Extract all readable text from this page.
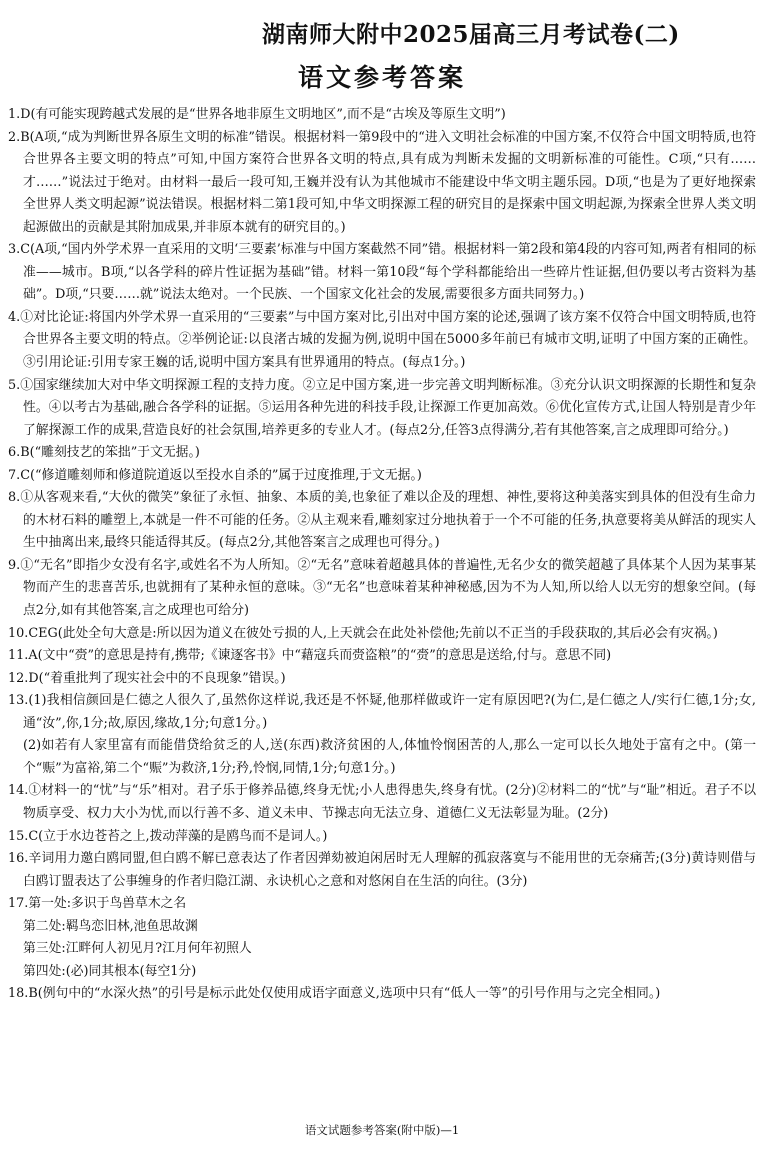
湖南师大附中2025届高三月考试卷(二)
语文参考答案

1.D(有可能实现跨越式发展的是“世界各地非原生文明地区”,而不是“古埃及等原生文明”)

2.B(A项,“成为判断世界各原生文明的标准”错误。根据材料一第9段中的“进入文明社会标准的中国方案,不仅符合中国文明特质,也符合世界各主要文明的特点”可知,中国方案符合世界各文明的特点,具有成为判断未发掘的文明新标准的可能性。C项,“只有……才……”说法过于绝对。由材料一最后一段可知,王巍并没有认为其他城市不能建设中华文明主题乐园。D项,“也是为了更好地探索全世界人类文明起源”说法错误。根据材料二第1段可知,中华文明探源工程的研究目的是探索中国文明起源,为探索全世界人类文明起源做出的贡献是其附加成果,并非原本就有的研究目的。)

3.C(A项,“国内外学术界一直采用的文明‘三要素’标准与中国方案截然不同”错。根据材料一第2段和第4段的内容可知,两者有相同的标准——城市。B项,“以各学科的碎片性证据为基础”错。材料一第10段“每个学科都能给出一些碎片性证据,但仍要以考古资料为基础”。D项,“只要……就”说法太绝对。一个民族、一个国家文化社会的发展,需要很多方面共同努力。)

4.①对比论证:将国内外学术界一直采用的“三要素”与中国方案对比,引出对中国方案的论述,强调了该方案不仅符合中国文明特质,也符合世界各主要文明的特点。②举例论证:以良渚古城的发掘为例,说明中国在5000多年前已有城市文明,证明了中国方案的正确性。③引用论证:引用专家王巍的话,说明中国方案具有世界通用的特点。(每点1分。)

5.①国家继续加大对中华文明探源工程的支持力度。②立足中国方案,进一步完善文明判断标准。③充分认识文明探源的长期性和复杂性。④以考古为基础,融合各学科的证据。⑤运用各种先进的科技手段,让探源工作更加高效。⑥优化宣传方式,让国人特别是青少年了解探源工作的成果,营造良好的社会氛围,培养更多的专业人才。(每点2分,任答3点得满分,若有其他答案,言之成理即可给分。)

6.B(“雕刻技艺的笨拙”于文无据。)

7.C(“修道雕刻师和修道院道返以至投水自杀的”属于过度推理,于文无据。)

8.①从客观来看,“大伙的微笑”象征了永恒、抽象、本质的美,也象征了难以企及的理想、神性,要将这种美落实到具体的但没有生命力的木材石料的雕塑上,本就是一件不可能的任务。②从主观来看,雕刻家过分地执着于一个不可能的任务,执意要将美从鲜活的现实人生中抽离出来,最终只能适得其反。(每点2分,其他答案言之成理也可得分。)

9.①“无名”即指少女没有名字,或姓名不为人所知。②“无名”意味着超越具体的普遍性,无名少女的微笑超越了具体某个人因为某事某物而产生的悲喜苦乐,也就拥有了某种永恒的意味。③“无名”也意味着某种神秘感,因为不为人知,所以给人以无穷的想象空间。(每点2分,如有其他答案,言之成理也可给分)

10.CEG(此处全句大意是:所以因为道义在彼处亏损的人,上天就会在此处补偿他;先前以不正当的手段获取的,其后必会有灾祸。)

11.A(文中“赍”的意思是持有,携带;《谏逐客书》中“藉寇兵而赍盗粮”的“赍”的意思是送给,付与。意思不同)

12.D(“着重批判了现实社会中的不良现象”错误。)

13.(1)我相信颜回是仁德之人很久了,虽然你这样说,我还是不怀疑,他那样做或许一定有原因吧?(为仁,是仁德之人/实行仁德,1分;女,通“汝”,你,1分;故,原因,缘故,1分;句意1分。)

(2)如若有人家里富有而能借贷给贫乏的人,送(东西)救济贫困的人,体恤怜悯困苦的人,那么一定可以长久地处于富有之中。(第一个“赈”为富裕,第二个“赈”为救济,1分;矜,怜悯,同情,1分;句意1分。)

14.①材料一的“忧”与“乐”相对。君子乐于修养品德,终身无忧;小人患得患失,终身有忧。(2分)②材料二的“忧”与“耻”相近。君子不以物质享受、权力大小为忧,而以行善不多、道义未申、节操志向无法立身、道德仁义无法彰显为耻。(2分)

15.C(立于水边苍苔之上,拨动萍藻的是鸥鸟而不是词人。)

16.辛词用力邀白鸥同盟,但白鸥不解已意表达了作者因弹劾被迫闲居时无人理解的孤寂落寞与不能用世的无奈痛苦;(3分)黄诗则借与白鸥订盟表达了公事缠身的作者归隐江湖、永诀机心之意和对悠闲自在生活的向往。(3分)

17.第一处:多识于鸟兽草木之名

第二处:羁鸟恋旧林,池鱼思故渊

第三处:江畔何人初见月?江月何年初照人

第四处:(必)同其根本(每空1分)

18.B(例句中的“水深火热”的引号是标示此处仅使用成语字面意义,选项中只有“低人一等”的引号作用与之完全相同。)

语文试题参考答案(附中版)—1
